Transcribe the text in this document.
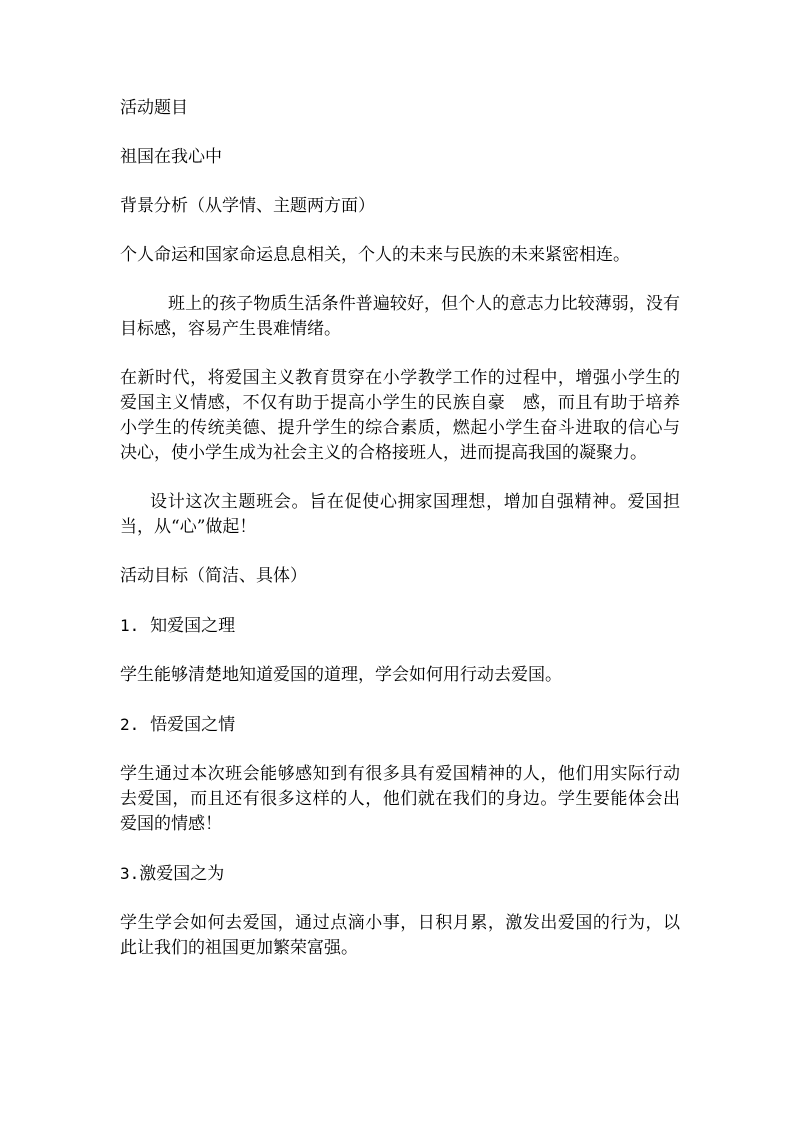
活动题目

祖国在我心中

背景分析（从学情、主题两方面）

个人命运和国家命运息息相关，个人的未来与民族的未来紧密相连。

班上的孩子物质生活条件普遍较好，但个人的意志力比较薄弱，没有目标感，容易产生畏难情绪。

在新时代，将爱国主义教育贯穿在小学教学工作的过程中，增强小学生的爱国主义情感，不仅有助于提高小学生的民族自豪　感，而且有助于培养小学生的传统美德、提升学生的综合素质，燃起小学生奋斗进取的信心与决心，使小学生成为社会主义的合格接班人，进而提高我国的凝聚力。

设计这次主题班会。旨在促使心拥家国理想，增加自强精神。爱国担当，从“心”做起！

活动目标（简洁、具体）

1. 知爱国之理

学生能够清楚地知道爱国的道理，学会如何用行动去爱国。

2. 悟爱国之情

学生通过本次班会能够感知到有很多具有爱国精神的人，他们用实际行动去爱国，而且还有很多这样的人，他们就在我们的身边。学生要能体会出爱国的情感！

3.激爱国之为

学生学会如何去爱国，通过点滴小事，日积月累，激发出爱国的行为，以此让我们的祖国更加繁荣富强。
